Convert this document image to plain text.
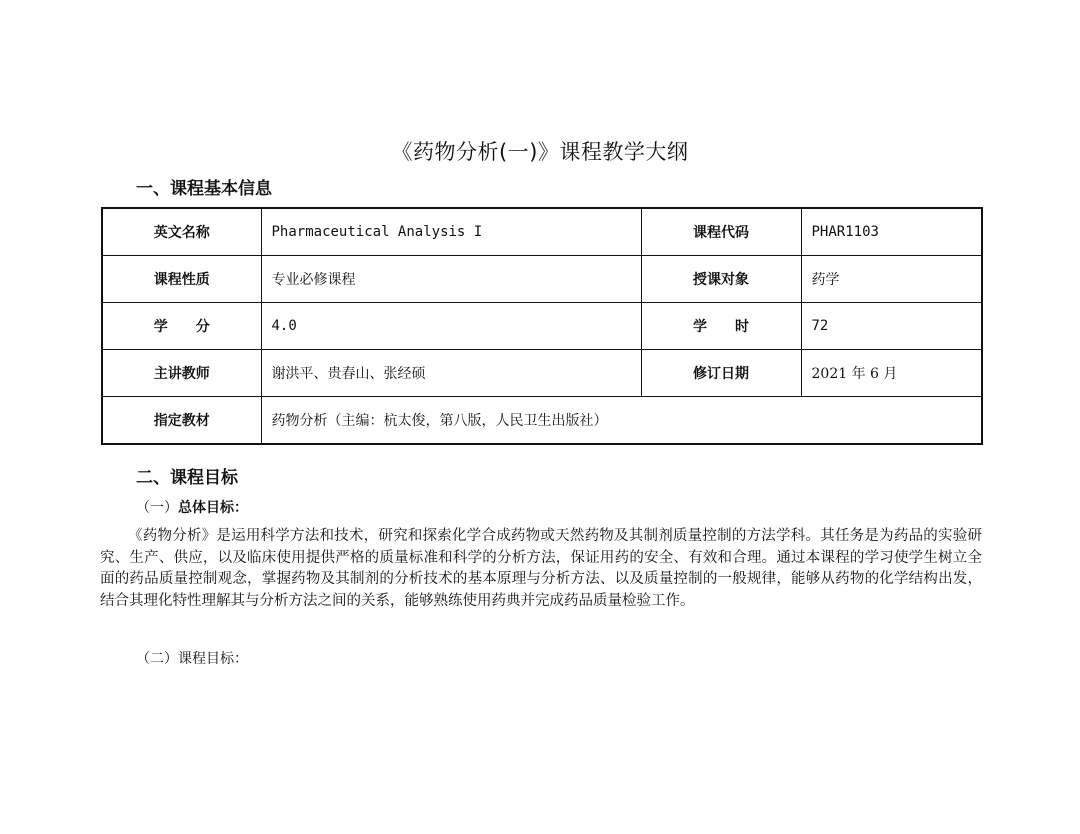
《药物分析(一)》课程教学大纲
一、课程基本信息
英文名称	Pharmaceutical Analysis I	课程代码	PHAR1103
课程性质	专业必修课程	授课对象	药学
学　　分	4.0	学　　时	72
主讲教师	谢洪平、贵春山、张经硕	修订日期	2021 年 6 月
指定教材	药物分析（主编：杭太俊，第八版，人民卫生出版社）		
二、课程目标
（一）总体目标：

《药物分析》是运用科学方法和技术，研究和探索化学合成药物或天然药物及其制剂质量控制的方法学科。其任务是为药品的实验研究、生产、供应，以及临床使用提供严格的质量标准和科学的分析方法，保证用药的安全、有效和合理。通过本课程的学习使学生树立全面的药品质量控制观念，掌握药物及其制剂的分析技术的基本原理与分析方法、以及质量控制的一般规律，能够从药物的化学结构出发，结合其理化特性理解其与分析方法之间的关系，能够熟练使用药典并完成药品质量检验工作。

（二）课程目标：
